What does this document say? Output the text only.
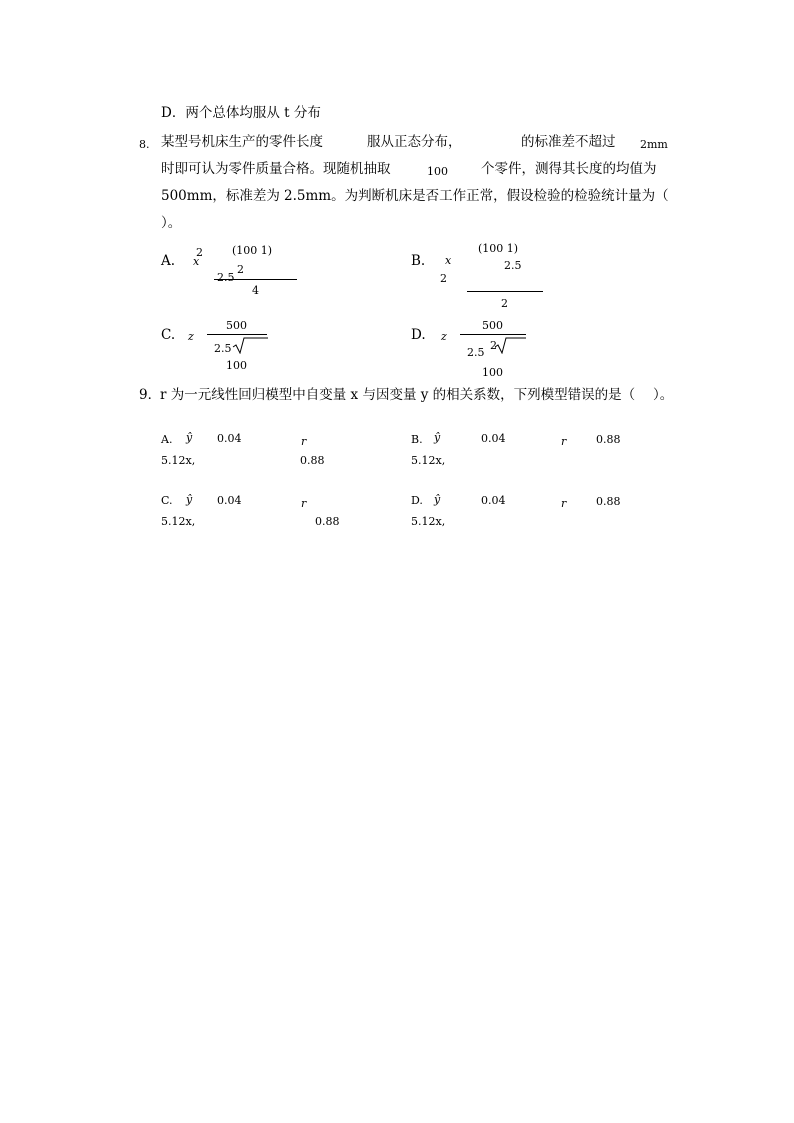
D．两个总体均服从 t 分布
8. 某型号机床生产的零件长度	服从正态分布，	的标准差不超过 2mm
时即可认为零件质量合格。现随机抽取	100 个零件，测得其长度的均值为
500mm，标准差为 2.5mm。为判断机床是否工作正常，假设检验的检验统计量为（
）。
A.
2
x
(100 1)
2
2.5
4
B. x
2
(100 1)
2.5
2
C. z
500
2.5
100
D. z
500
2.5
2
100
9．
r 为一元线性回归模型中自变量 x 与因变量 y 的相关系数，下列模型错误的是（　 ）。
A. ŷ 0.04	r
5.12x,	0.88
B. ŷ	0.04	r	0.88
5.12x,
C. ŷ 0.04	r
5.12x,	0.88
D. ŷ	0.04	r	0.88
5.12x,
